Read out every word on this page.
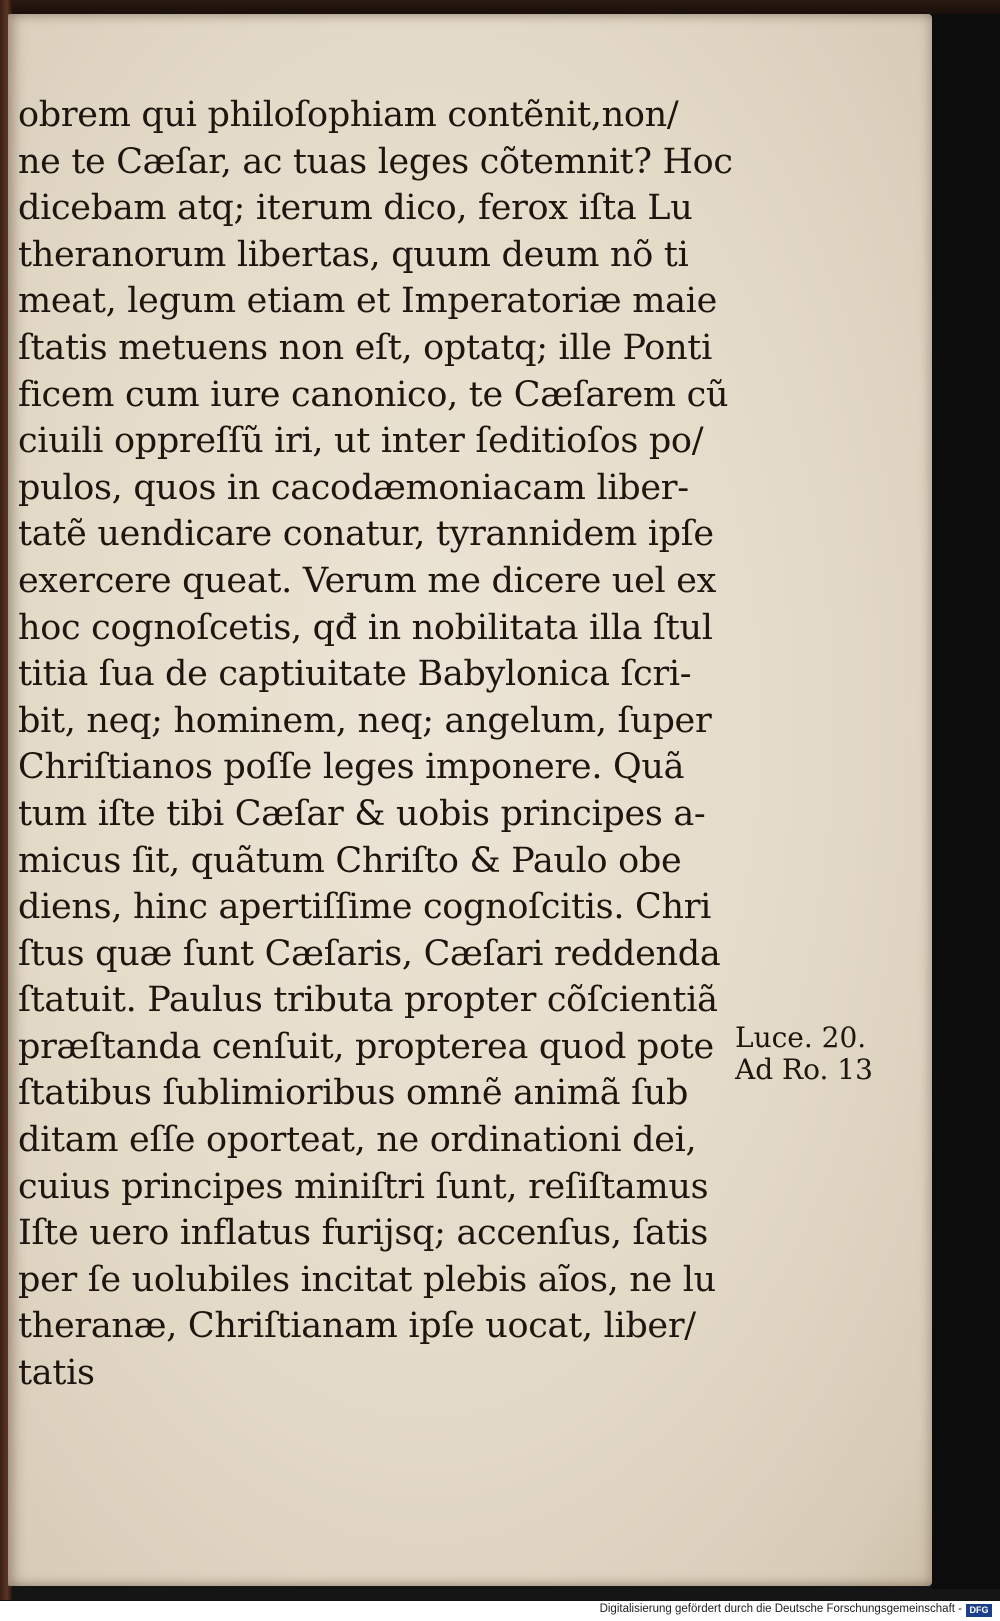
obrem qui philoſophiam contẽnit,non/
ne te Cæſar, ac tuas leges cõtemnit? Hoc
dicebam atq; iterum dico, ferox iſta Lu
theranorum libertas, quum deum nõ ti
meat, legum etiam et Imperatoriæ maie
ſtatis metuens non eſt, optatq; ille Ponti
ficem cum iure canonico, te Cæſarem cũ
ciuili oppreſſũ iri, ut inter ſeditioſos po/
pulos, quos in cacodæmoniacam liber-
tatẽ uendicare conatur, tyrannidem ipſe
exercere queat. Verum me dicere uel ex
hoc cognoſcetis, qđ in nobilitata illa ſtul
titia ſua de captiuitate Babylonica ſcri-
bit, neq; hominem, neq; angelum, ſuper
Chriſtianos poſſe leges imponere. Quã
tum iſte tibi Cæſar & uobis principes a-
micus ſit, quãtum Chriſto & Paulo obe
diens, hinc apertiſſime cognoſcitis. Chri
ſtus quæ ſunt Cæſaris, Cæſari reddenda
ſtatuit. Paulus tributa propter cõſcientiã
præſtanda cenſuit, propterea quod pote
ſtatibus ſublimioribus omnẽ animã ſub
ditam eſſe oporteat, ne ordinationi dei,
cuius principes miniſtri ſunt, reſiſtamus
Iſte uero inflatus furijsq; accenſus, ſatis
per ſe uolubiles incitat plebis aĩos, ne lu
theranæ, Chriſtianam ipſe uocat, liber/
tatis
Luce. 20.
Ad Ro. 13
Digitalisierung gefördert durch die Deutsche Forschungsgemeinschaft - DFG
